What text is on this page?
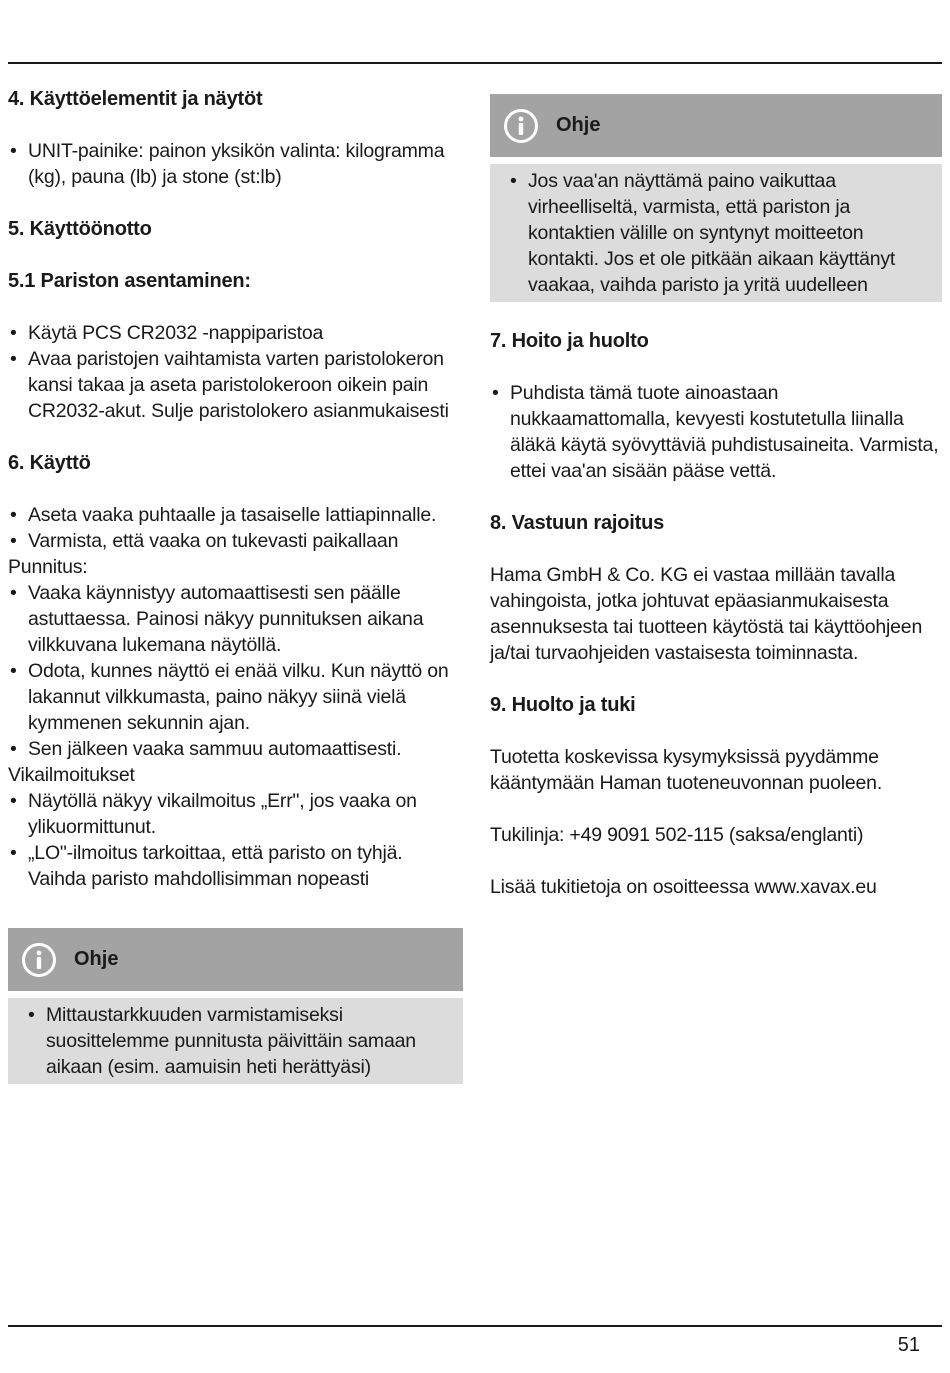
4. Käyttöelementit ja näytöt
• UNIT-painike: painon yksikön valinta: kilogramma (kg), pauna (lb) ja stone (st:lb)
5. Käyttöönotto
5.1 Pariston asentaminen:
• Käytä PCS CR2032 -nappiparistoa
• Avaa paristojen vaihtamista varten paristolokeron kansi takaa ja aseta paristolokeroon oikein pain CR2032-akut. Sulje paristolokero asianmukaisesti
6. Käyttö
• Aseta vaaka puhtaalle ja tasaiselle lattiapinnalle.
• Varmista, että vaaka on tukevasti paikallaan
Punnitus:
• Vaaka käynnistyy automaattisesti sen päälle astuttaessa. Painosi näkyy punnituksen aikana vilkkuvana lukemana näytöllä.
• Odota, kunnes näyttö ei enää vilku. Kun näyttö on lakannut vilkkumasta, paino näkyy siinä vielä kymmenen sekunnin ajan.
• Sen jälkeen vaaka sammuu automaattisesti.
Vikailmoitukset
• Näytöllä näkyy vikailmoitus „Err", jos vaaka on ylikuormittunut.
• „LO"-ilmoitus tarkoittaa, että paristo on tyhjä. Vaihda paristo mahdollisimman nopeasti
Ohje
• Mittaustarkkuuden varmistamiseksi suosittelemme punnitusta päivittäin samaan aikaan (esim. aamuisin heti herättyäsi)
Ohje
• Jos vaa'an näyttämä paino vaikuttaa virheelliseltä, varmista, että pariston ja kontaktien välille on syntynyt moitteeton kontakti. Jos et ole pitkään aikaan käyttänyt vaakaa, vaihda paristo ja yritä uudelleen
7. Hoito ja huolto
• Puhdista tämä tuote ainoastaan nukkaamattomalla, kevyesti kostutetulla liinalla äläkä käytä syövyttäviä puhdistusaineita. Varmista, ettei vaa'an sisään pääse vettä.
8. Vastuun rajoitus

Hama GmbH & Co. KG ei vastaa millään tavalla vahingoista, jotka johtuvat epäasianmukaisesta asennuksesta tai tuotteen käytöstä tai käyttöohjeen ja/tai turvaohjeiden vastaisesta toiminnasta.

9. Huolto ja tuki

Tuotetta koskevissa kysymyksissä pyydämme kääntymään Haman tuoteneuvonnan puoleen.

Tukilinja: +49 9091 502-115 (saksa/englanti)

Lisää tukitietoja on osoitteessa www.xavax.eu

51
